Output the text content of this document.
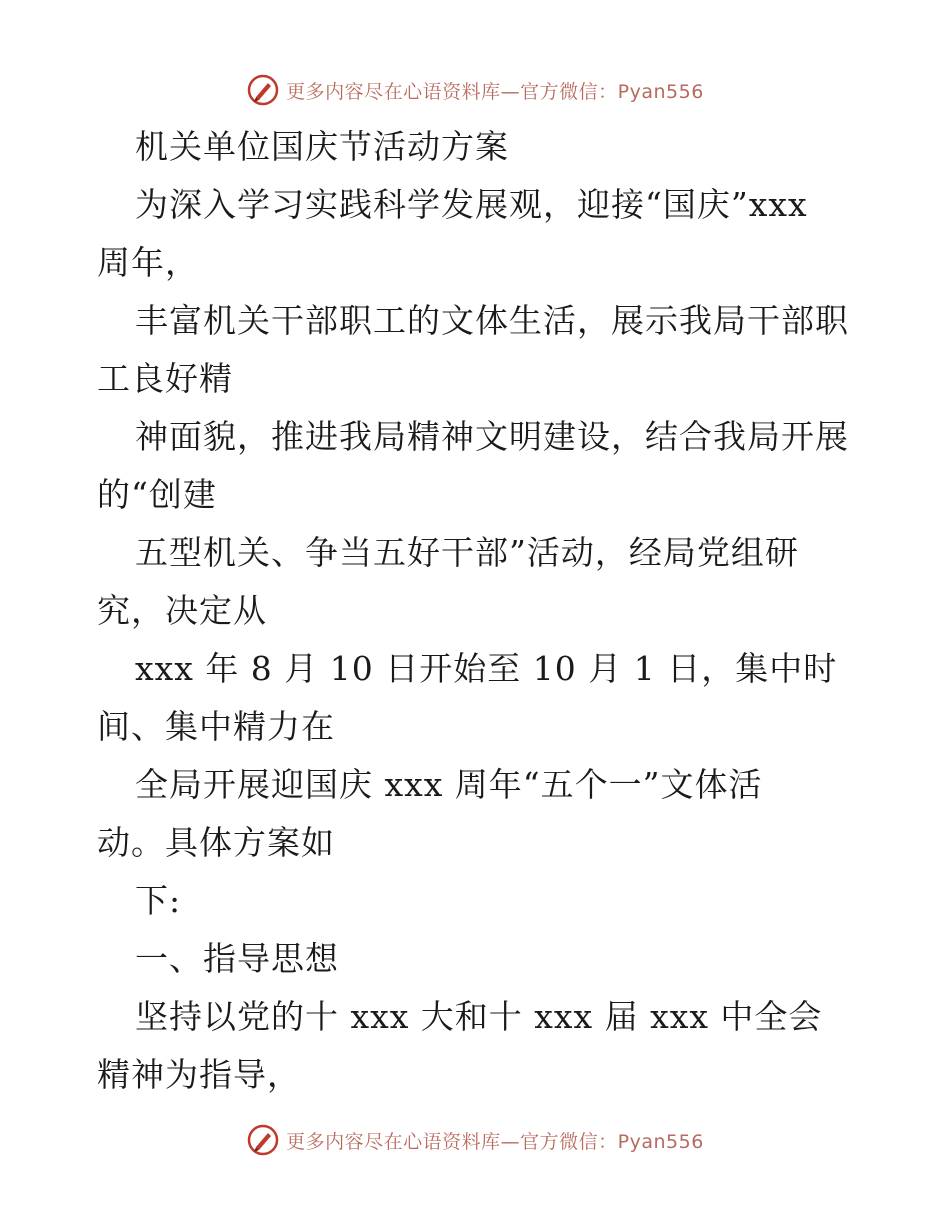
更多内容尽在心语资料库—官方微信：Pyan556
机关单位国庆节活动方案
为深入学习实践科学发展观，迎接“国庆”xxx
周年，
丰富机关干部职工的文体生活，展示我局干部职
工良好精
神面貌，推进我局精神文明建设，结合我局开展
的“创建
五型机关、争当五好干部”活动，经局党组研
究，决定从
xxx 年 8 月 10 日开始至 10 月 1 日，集中时
间、集中精力在
全局开展迎国庆 xxx 周年“五个一”文体活
动。具体方案如
下:
一、指导思想
坚持以党的十 xxx 大和十 xxx 届 xxx 中全会
精神为指导，
更多内容尽在心语资料库—官方微信：Pyan556
